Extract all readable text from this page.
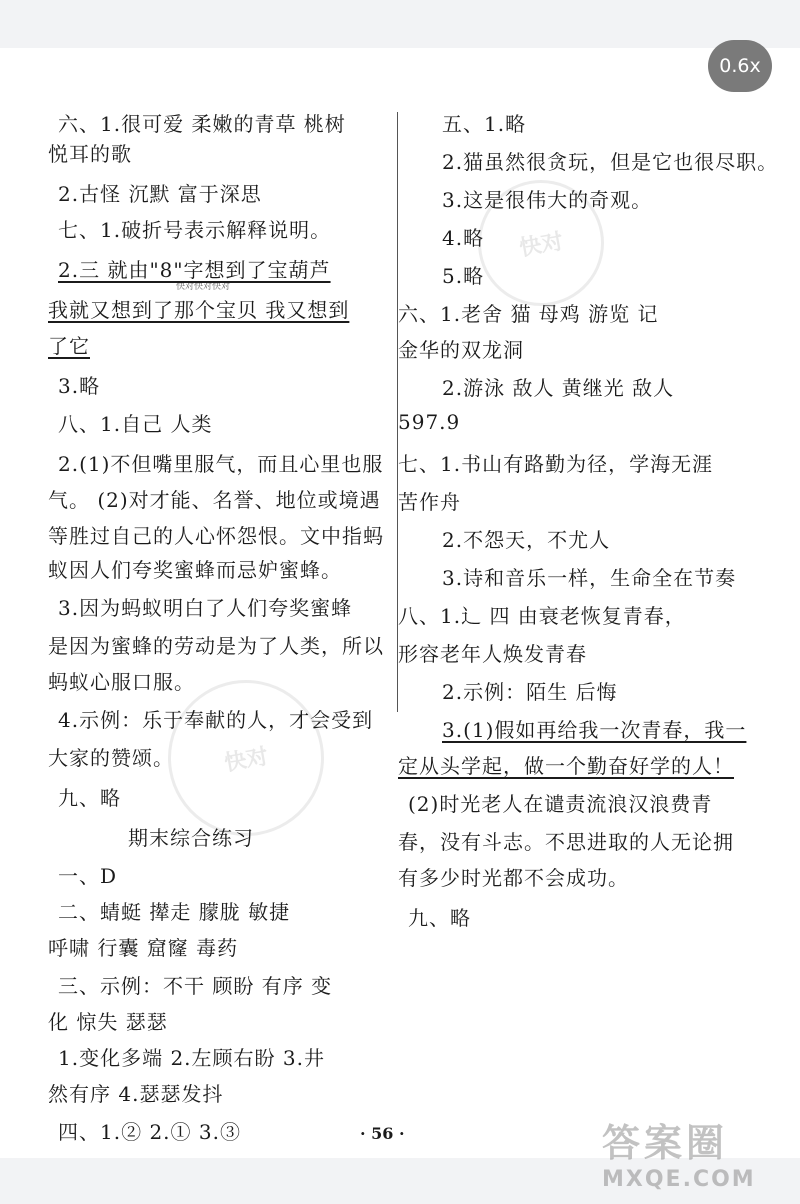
0.6x
快对
快对
快对快对快对
六、1.很可爱 柔嫩的青草 桃树
悦耳的歌
2.古怪 沉默 富于深思
七、1.破折号表示解释说明。
2.三 就由"8"字想到了宝葫芦
我就又想到了那个宝贝 我又想到
了它
3.略
八、1.自己 人类
2.(1)不但嘴里服气，而且心里也服
气。 (2)对才能、名誉、地位或境遇
等胜过自己的人心怀怨恨。文中指蚂
蚁因人们夸奖蜜蜂而忌妒蜜蜂。
3.因为蚂蚁明白了人们夸奖蜜蜂
是因为蜜蜂的劳动是为了人类，所以
蚂蚁心服口服。
4.示例：乐于奉献的人，才会受到
大家的赞颂。
九、略
期末综合练习
一、D
二、蜻蜓 撵走 朦胧 敏捷
呼啸 行囊 窟窿 毒药
三、示例：不干 顾盼 有序 变
化 惊失 瑟瑟
1.变化多端 2.左顾右盼 3.井
然有序 4.瑟瑟发抖
四、1.② 2.① 3.③
五、1.略
2.猫虽然很贪玩，但是它也很尽职。
3.这是很伟大的奇观。
4.略
5.略
六、1.老舍 猫 母鸡 游览 记
金华的双龙洞
2.游泳 敌人 黄继光 敌人
597.9
七、1.书山有路勤为径，学海无涯
苦作舟
2.不怨天，不尤人
3.诗和音乐一样，生命全在节奏
八、1.辶 四 由衰老恢复青春，
形容老年人焕发青春
2.示例：陌生 后悔
3.(1)假如再给我一次青春，我一
定从头学起，做一个勤奋好学的人！
(2)时光老人在谴责流浪汉浪费青
春，没有斗志。不思进取的人无论拥
有多少时光都不会成功。
九、略
· 56 ·	答案圈
MXQE.COM
